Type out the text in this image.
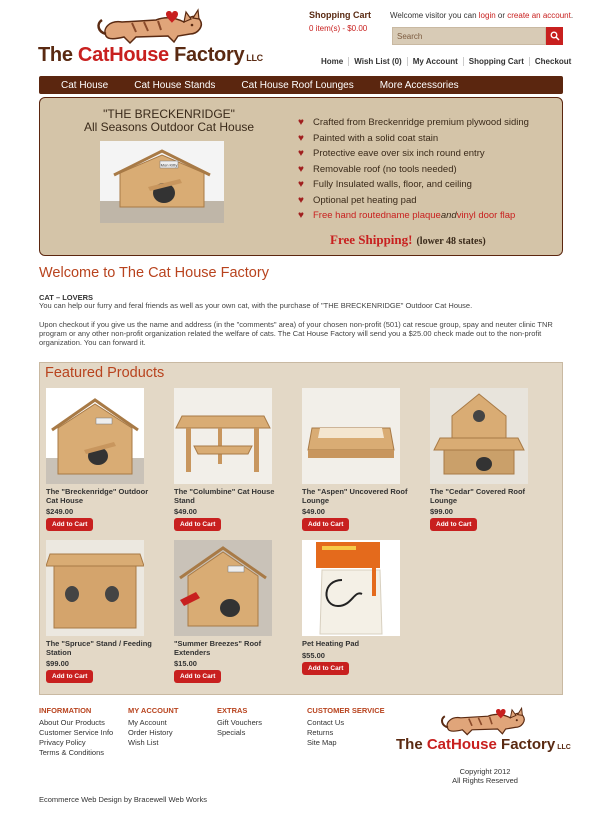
The CatHouse Factory LLC
Shopping Cart
0 item(s) - $0.00
Welcome visitor you can login or create an account.
Search
Home	Wish List (0)	My Account	Shopping Cart	Checkout
Cat House	Cat House Stands	Cat House Roof Lounges	More Accessories
"THE BRECKENRIDGE"
All Seasons Outdoor Cat House
Mon Kitty
♥ Crafted from Breckenridge premium plywood siding
♥ Painted with a solid coat stain
♥ Protective eave over six inch round entry
♥ Removable roof (no tools needed)
♥ Fully Insulated walls, floor, and ceiling
♥ Optional pet heating pad
♥ Free hand routed name plaque and vinyl door flap
Free Shipping! (lower 48 states)
Welcome to The Cat House Factory
CAT – LOVERS
You can help our furry and feral friends as well as your own cat, with the purchase of "THE BRECKENRIDGE" Outdoor Cat House.
Upon checkout if you give us the name and address (in the "comments" area) of your chosen non-profit (501) cat rescue group, spay and neuter clinic TNR program or any other non-profit organization related the welfare of cats. The Cat House Factory will send you a $25.00 check made out to the non-profit organization. You can forward it.
Featured Products
The "Breckenridge" Outdoor Cat House
$249.00
Add to Cart
The "Columbine" Cat House Stand
$49.00
Add to Cart
The "Aspen" Uncovered Roof Lounge
$49.00
Add to Cart
The "Cedar" Covered Roof Lounge
$99.00
Add to Cart
The "Spruce" Stand / Feeding Station
$99.00
Add to Cart
"Summer Breezes" Roof Extenders
$15.00
Add to Cart
Pet Heating Pad
$55.00
Add to Cart
INFORMATION
About Our Products
Customer Service Info
Privacy Policy
Terms & Conditions
MY ACCOUNT
My Account
Order History
Wish List
EXTRAS
Gift Vouchers
Specials
CUSTOMER SERVICE
Contact Us
Returns
Site Map	The CatHouse Factory LLC
Copyright 2012
All Rights Reserved
Ecommerce Web Design by Bracewell Web Works
